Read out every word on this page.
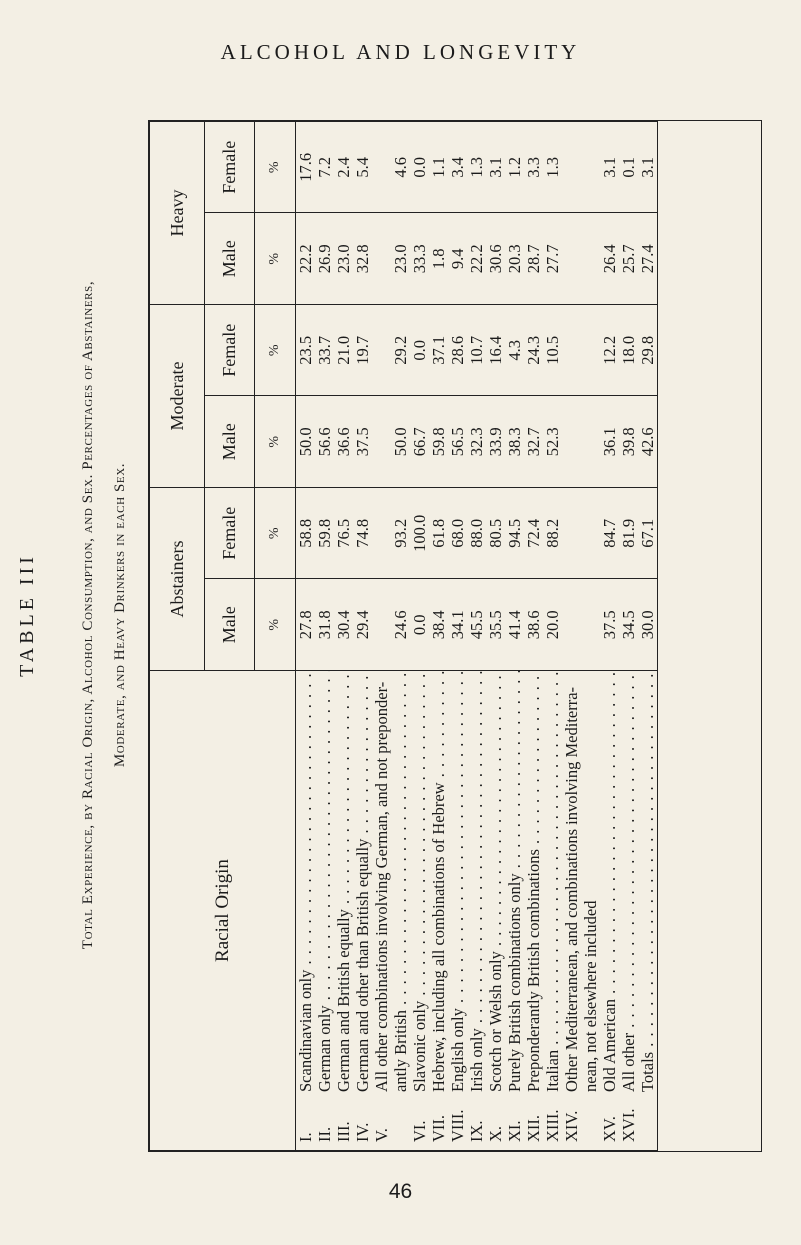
ALCOHOL AND LONGEVITY
TABLE III	Total Experience, by Racial Origin, Alcohol Consumption, and Sex. Percentages of Abstainers, Moderate, and Heavy Drinkers in each Sex.
Racial Origin	Abstainers		Moderate		Heavy	
	Male	Female	Male	Female	Male	Female
	%	%	%	%	%	%
I.Scandinavian only . . .	27.8	58.8	50.0	23.5	22.2	17.6
II.German only . . .	31.8	59.8	56.6	33.7	26.9	7.2
III.German and British equally . . .	30.4	76.5	36.6	21.0	23.0	2.4
IV.German and other than British equally . . .	29.4	74.8	37.5	19.7	32.8	5.4
V.All other combinations involving German, and not preponder-						
antly British . . .	24.6	93.2	50.0	29.2	23.0	4.6
VI.Slavonic only . . .	0.0	100.0	66.7	0.0	33.3	0.0
VII.Hebrew, including all combinations of Hebrew . . .	38.4	61.8	59.8	37.1	1.8	1.1
VIII.English only . . .	34.1	68.0	56.5	28.6	9.4	3.4
IX.Irish only . . .	45.5	88.0	32.3	10.7	22.2	1.3
X.Scotch or Welsh only . . .	35.5	80.5	33.9	16.4	30.6	3.1
XI.Purely British combinations only . . .	41.4	94.5	38.3	4.3	20.3	1.2
XII.Preponderantly British combinations . . .	38.6	72.4	32.7	24.3	28.7	3.3
XIII.Italian . . .	20.0	88.2	52.3	10.5	27.7	1.3
XIV.Other Mediterranean, and combinations involving Mediterra-						
nean, not elsewhere included						
XV.Old American . . .	37.5	84.7	36.1	12.2	26.4	3.1
XVI.All other . . .	34.5	81.9	39.8	18.0	25.7	0.1
Totals . . .	30.0	67.1	42.6	29.8	27.4	3.1
46
